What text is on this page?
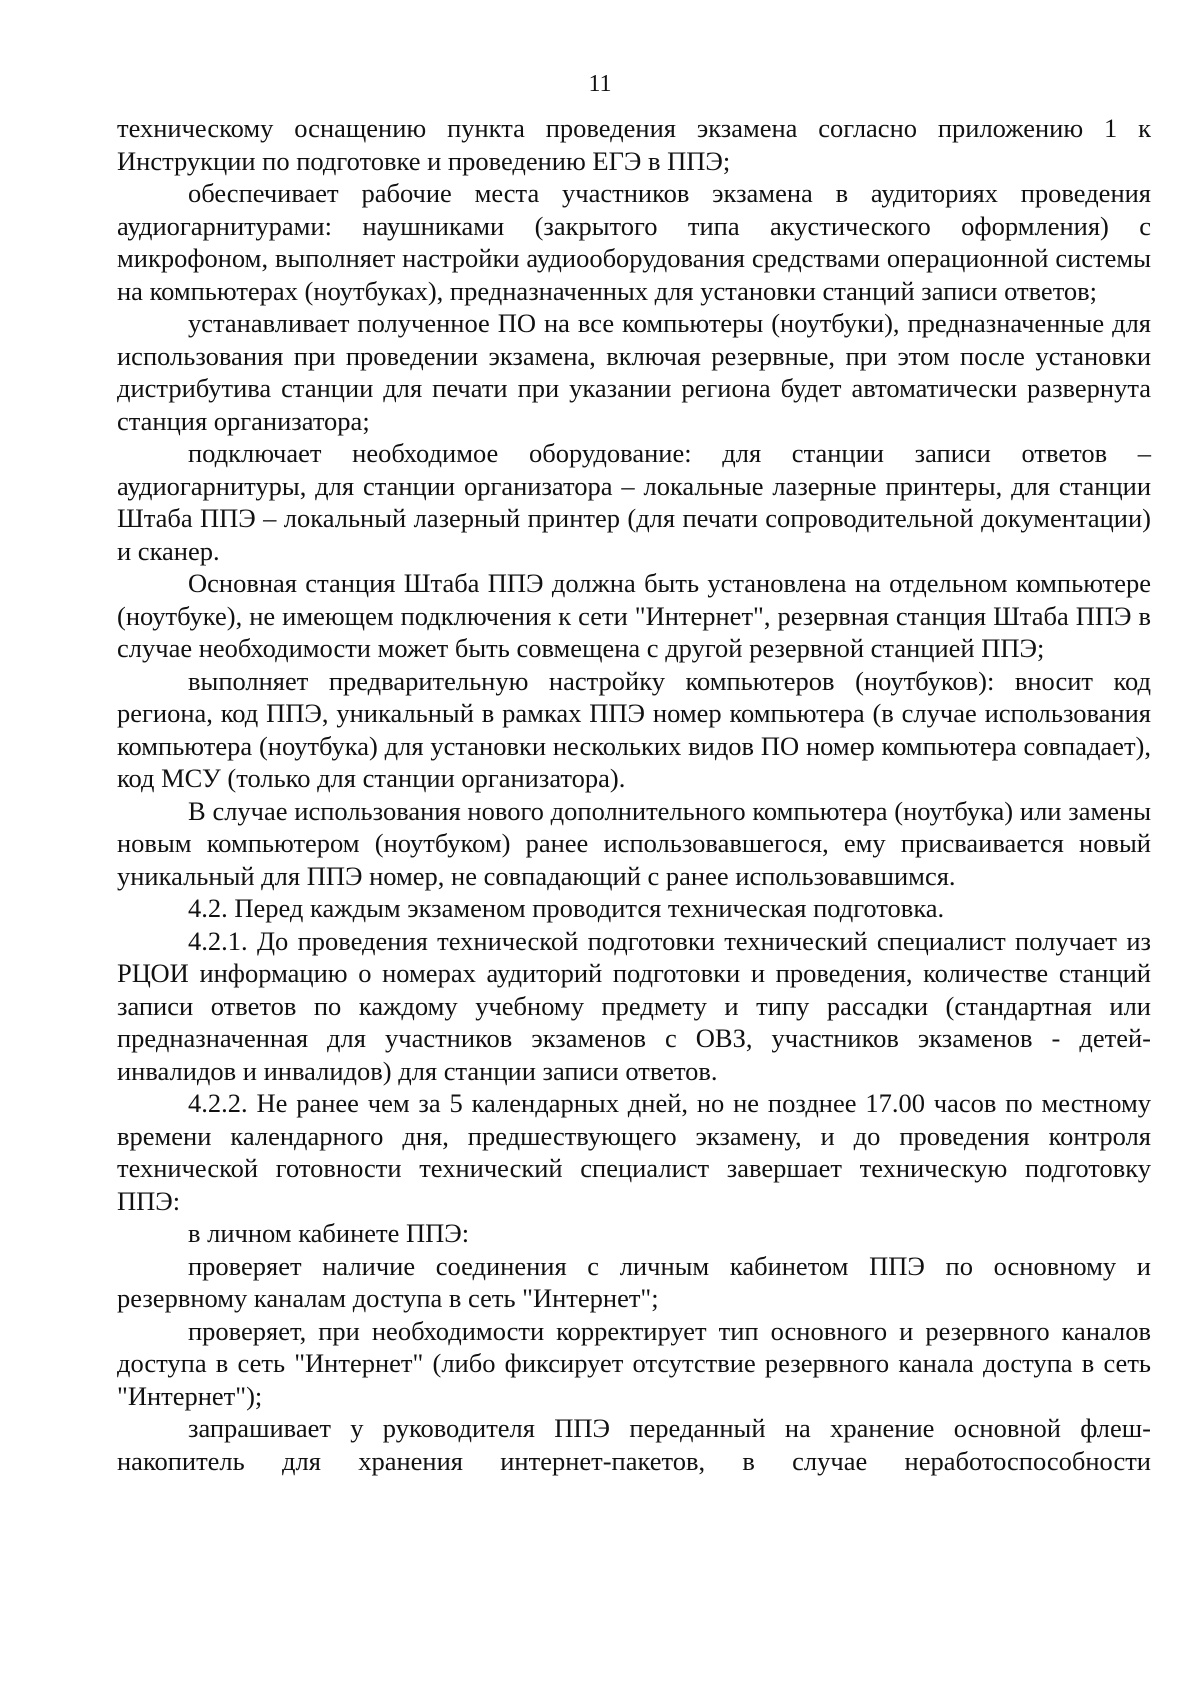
11

техническому оснащению пункта проведения экзамена согласно приложению 1 к Инструкции по подготовке и проведению ЕГЭ в ППЭ;

обеспечивает рабочие места участников экзамена в аудиториях проведения аудиогарнитурами: наушниками (закрытого типа акустического оформления) с микрофоном, выполняет настройки аудиооборудования средствами операционной системы на компьютерах (ноутбуках), предназначенных для установки станций записи ответов;

устанавливает полученное ПО на все компьютеры (ноутбуки), предназначенные для использования при проведении экзамена, включая резервные, при этом после установки дистрибутива станции для печати при указании региона будет автоматически развернута станция организатора;

подключает необходимое оборудование: для станции записи ответов – аудиогарнитуры, для станции организатора – локальные лазерные принтеры, для станции Штаба ППЭ – локальный лазерный принтер (для печати сопроводительной документации) и сканер.

Основная станция Штаба ППЭ должна быть установлена на отдельном компьютере (ноутбуке), не имеющем подключения к сети "Интернет", резервная станция Штаба ППЭ в случае необходимости может быть совмещена с другой резервной станцией ППЭ;

выполняет предварительную настройку компьютеров (ноутбуков): вносит код региона, код ППЭ, уникальный в рамках ППЭ номер компьютера (в случае использования компьютера (ноутбука) для установки нескольких видов ПО номер компьютера совпадает), код МСУ (только для станции организатора).

В случае использования нового дополнительного компьютера (ноутбука) или замены новым компьютером (ноутбуком) ранее использовавшегося, ему присваивается новый уникальный для ППЭ номер, не совпадающий с ранее использовавшимся.

4.2. Перед каждым экзаменом проводится техническая подготовка.

4.2.1. До проведения технической подготовки технический специалист получает из РЦОИ информацию о номерах аудиторий подготовки и проведения, количестве станций записи ответов по каждому учебному предмету и типу рассадки (стандартная или предназначенная для участников экзаменов с ОВЗ, участников экзаменов - детей-инвалидов и инвалидов) для станции записи ответов.

4.2.2. Не ранее чем за 5 календарных дней, но не позднее 17.00 часов по местному времени календарного дня, предшествующего экзамену, и до проведения контроля технической готовности технический специалист завершает техническую подготовку ППЭ:

в личном кабинете ППЭ:

проверяет наличие соединения с личным кабинетом ППЭ по основному и резервному каналам доступа в сеть "Интернет";

проверяет, при необходимости корректирует тип основного и резервного каналов доступа в сеть "Интернет" (либо фиксирует отсутствие резервного канала доступа в сеть "Интернет");

запрашивает у руководителя ППЭ переданный на хранение основной флеш-накопитель для хранения интернет-пакетов, в случае неработоспособности
